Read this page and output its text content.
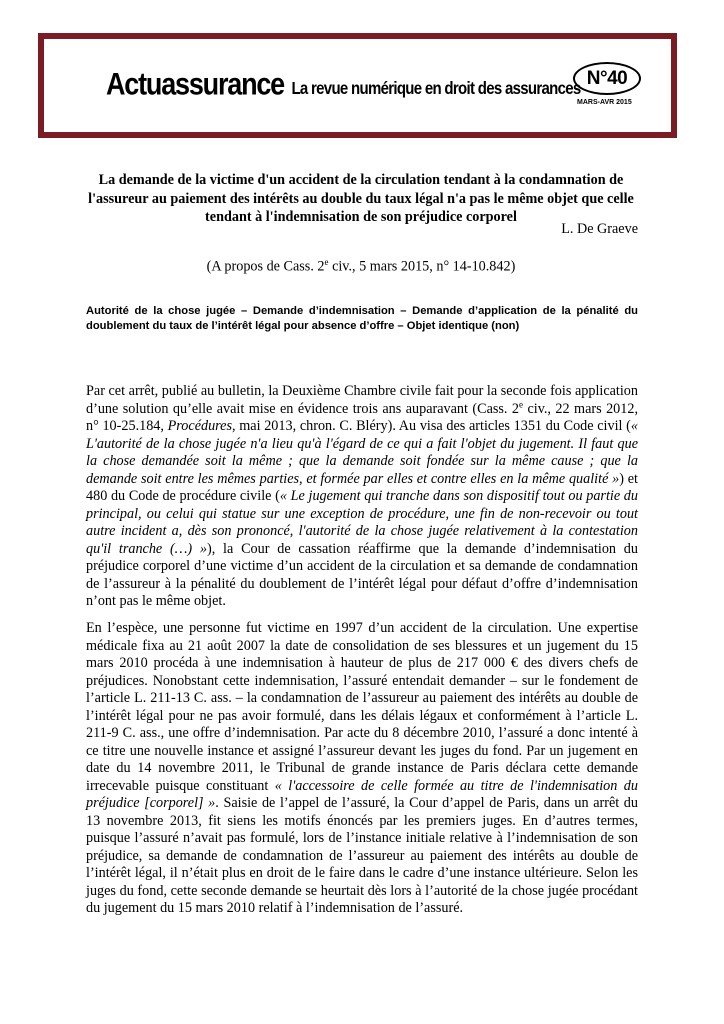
Actuassurance La revue numérique en droit des assurances N°40
MARS-AVR 2015

La demande de la victime d'un accident de la circulation tendant à la condamnation de l'assureur au paiement des intérêts au double du taux légal n'a pas le même objet que celle tendant à l'indemnisation de son préjudice corporel

L. De Graeve
(A propos de Cass. 2e civ., 5 mars 2015, n° 14-10.842)

Autorité de la chose jugée – Demande d’indemnisation – Demande d’application de la pénalité du doublement du taux de l’intérêt légal pour absence d’offre – Objet identique (non)

Par cet arrêt, publié au bulletin, la Deuxième Chambre civile fait pour la seconde fois application d’une solution qu’elle avait mise en évidence trois ans auparavant (Cass. 2e civ., 22 mars 2012, n° 10-25.184, Procédures, mai 2013, chron. C. Bléry). Au visa des articles 1351 du Code civil (« L'autorité de la chose jugée n'a lieu qu'à l'égard de ce qui a fait l'objet du jugement. Il faut que la chose demandée soit la même ; que la demande soit fondée sur la même cause ; que la demande soit entre les mêmes parties, et formée par elles et contre elles en la même qualité ») et 480 du Code de procédure civile (« Le jugement qui tranche dans son dispositif tout ou partie du principal, ou celui qui statue sur une exception de procédure, une fin de non-recevoir ou tout autre incident a, dès son prononcé, l'autorité de la chose jugée relativement à la contestation qu'il tranche (…) »), la Cour de cassation réaffirme que la demande d’indemnisation du préjudice corporel d’une victime d’un accident de la circulation et sa demande de condamnation de l’assureur à la pénalité du doublement de l’intérêt légal pour défaut d’offre d’indemnisation n’ont pas le même objet.

En l’espèce, une personne fut victime en 1997 d’un accident de la circulation. Une expertise médicale fixa au 21 août 2007 la date de consolidation de ses blessures et un jugement du 15 mars 2010 procéda à une indemnisation à hauteur de plus de 217 000 € des divers chefs de préjudices. Nonobstant cette indemnisation, l’assuré entendait demander – sur le fondement de l’article L. 211-13 C. ass. – la condamnation de l’assureur au paiement des intérêts au double de l’intérêt légal pour ne pas avoir formulé, dans les délais légaux et conformément à l’article L. 211-9 C. ass., une offre d’indemnisation. Par acte du 8 décembre 2010, l’assuré a donc intenté à ce titre une nouvelle instance et assigné l’assureur devant les juges du fond. Par un jugement en date du 14 novembre 2011, le Tribunal de grande instance de Paris déclara cette demande irrecevable puisque constituant « l'accessoire de celle formée au titre de l'indemnisation du préjudice [corporel] ». Saisie de l’appel de l’assuré, la Cour d’appel de Paris, dans un arrêt du 13 novembre 2013, fit siens les motifs énoncés par les premiers juges. En d’autres termes, puisque l’assuré n’avait pas formulé, lors de l’instance initiale relative à l’indemnisation de son préjudice, sa demande de condamnation de l’assureur au paiement des intérêts au double de l’intérêt légal, il n’était plus en droit de le faire dans le cadre d’une instance ultérieure. Selon les juges du fond, cette seconde demande se heurtait dès lors à l’autorité de la chose jugée procédant du jugement du 15 mars 2010 relatif à l’indemnisation de l’assuré.
